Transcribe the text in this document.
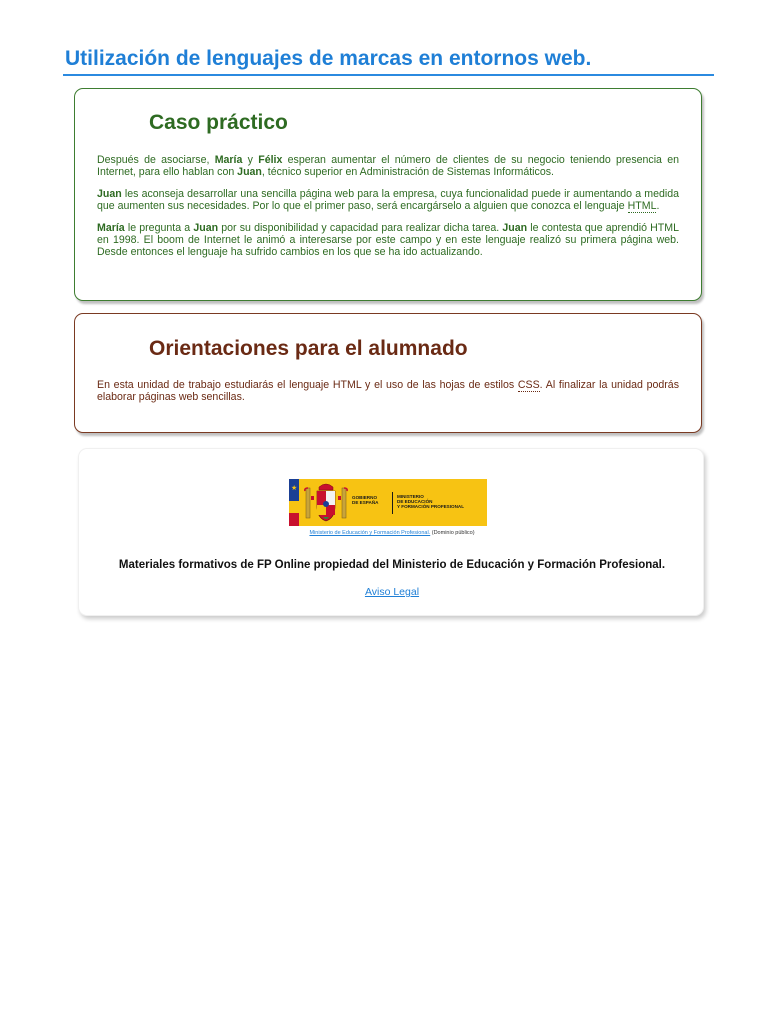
Utilización de lenguajes de marcas en entornos web.
Caso práctico

Después de asociarse, María y Félix esperan aumentar el número de clientes de su negocio teniendo presencia en Internet, para ello hablan con Juan, técnico superior en Administración de Sistemas Informáticos.

Juan les aconseja desarrollar una sencilla página web para la empresa, cuya funcionalidad puede ir aumentando a medida que aumenten sus necesidades. Por lo que el primer paso, será encargárselo a alguien que conozca el lenguaje HTML.

María le pregunta a Juan por su disponibilidad y capacidad para realizar dicha tarea. Juan le contesta que aprendió HTML en 1998. El boom de Internet le animó a interesarse por este campo y en este lenguaje realizó su primera página web. Desde entonces el lenguaje ha sufrido cambios en los que se ha ido actualizando.

Orientaciones para el alumnado

En esta unidad de trabajo estudiarás el lenguaje HTML y el uso de las hojas de estilos CSS. Al finalizar la unidad podrás elaborar páginas web sencillas.

★
GOBIERNO
DE ESPAÑA
MINISTERIO
DE EDUCACIÓN
Y FORMACIÓN PROFESIONAL
Ministerio de Educación y Formación Profesional. (Dominio público)
Materiales formativos de FP Online propiedad del Ministerio de Educación y Formación Profesional.
Aviso Legal
